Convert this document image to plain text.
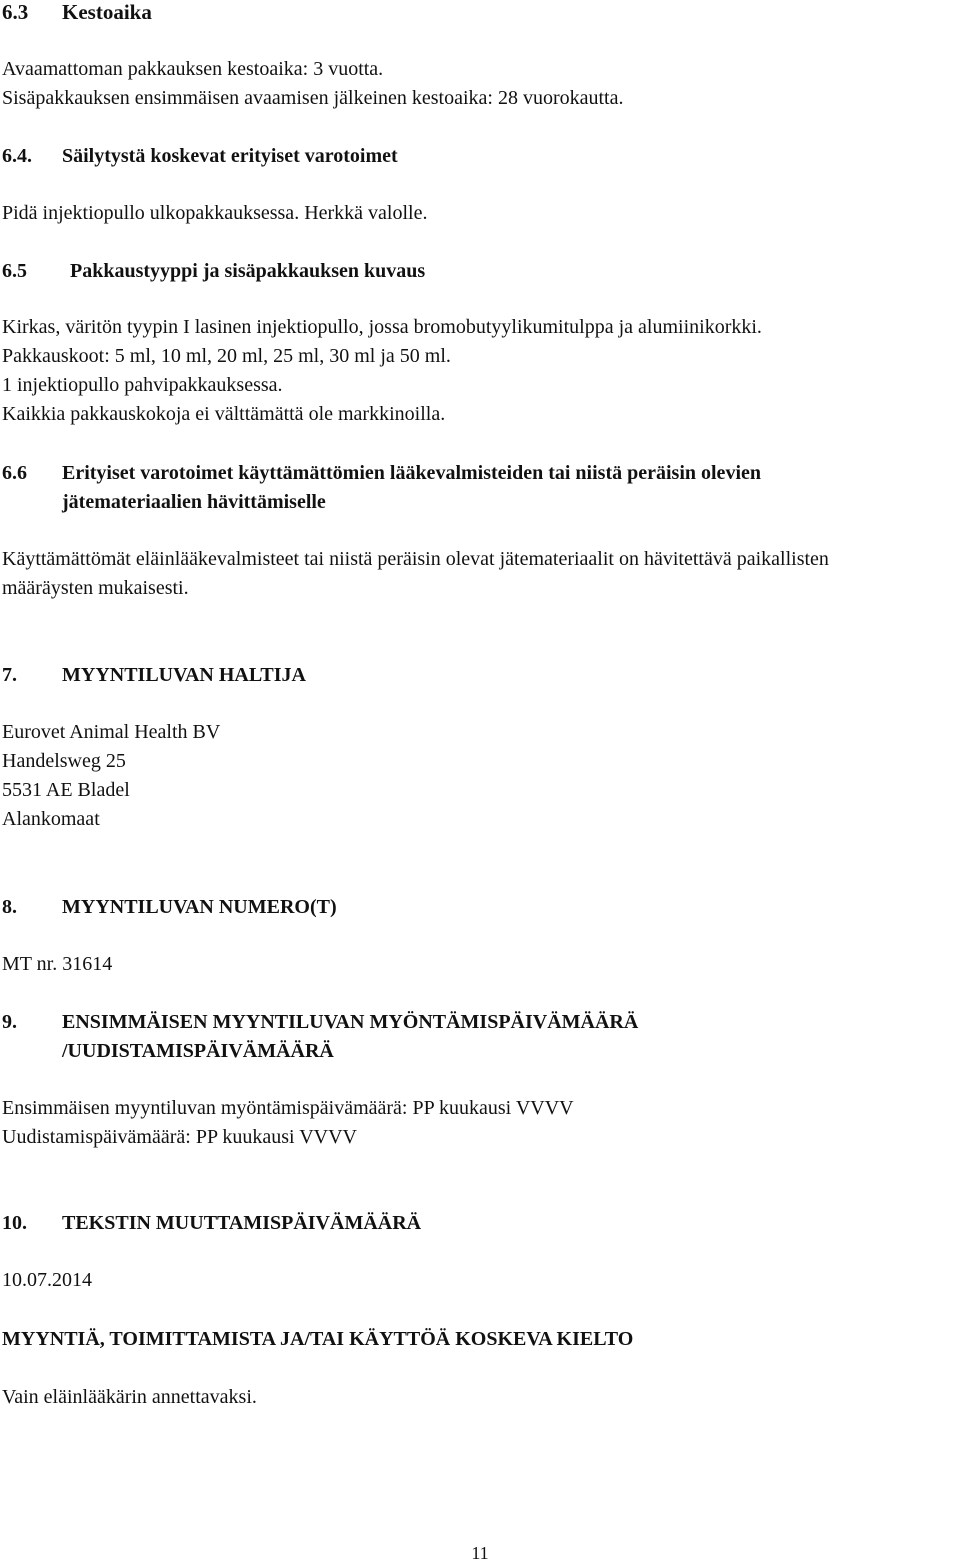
6.3 Kestoaika
Avaamattoman pakkauksen kestoaika: 3 vuotta.
Sisäpakkauksen ensimmäisen avaamisen jälkeinen kestoaika: 28 vuorokautta.
6.4. Säilytystä koskevat erityiset varotoimet
Pidä injektiopullo ulkopakkauksessa. Herkkä valolle.
6.5 Pakkaustyyppi ja sisäpakkauksen kuvaus
Kirkas, väritön tyypin I lasinen injektiopullo, jossa bromobutyylikumitulppa ja alumiinikorkki.
Pakkauskoot: 5 ml, 10 ml, 20 ml, 25 ml, 30 ml ja 50 ml.
1 injektiopullo pahvipakkauksessa.
Kaikkia pakkauskokoja ei välttämättä ole markkinoilla.
6.6 Erityiset varotoimet käyttämättömien lääkevalmisteiden tai niistä peräisin olevien
jätemateriaalien hävittämiselle
Käyttämättömät eläinlääkevalmisteet tai niistä peräisin olevat jätemateriaalit on hävitettävä paikallisten
määräysten mukaisesti.
7. MYYNTILUVAN HALTIJA
Eurovet Animal Health BV
Handelsweg 25
5531 AE Bladel
Alankomaat
8. MYYNTILUVAN NUMERO(T)
MT nr. 31614
9. ENSIMMÄISEN MYYNTILUVAN MYÖNTÄMISPÄIVÄMÄÄRÄ
/UUDISTAMISPÄIVÄMÄÄRÄ
Ensimmäisen myyntiluvan myöntämispäivämäärä: PP kuukausi VVVV
Uudistamispäivämäärä: PP kuukausi VVVV
10. TEKSTIN MUUTTAMISPÄIVÄMÄÄRÄ
10.07.2014
MYYNTIÄ, TOIMITTAMISTA JA/TAI KÄYTTÖÄ KOSKEVA KIELTO
Vain eläinlääkärin annettavaksi.
11
